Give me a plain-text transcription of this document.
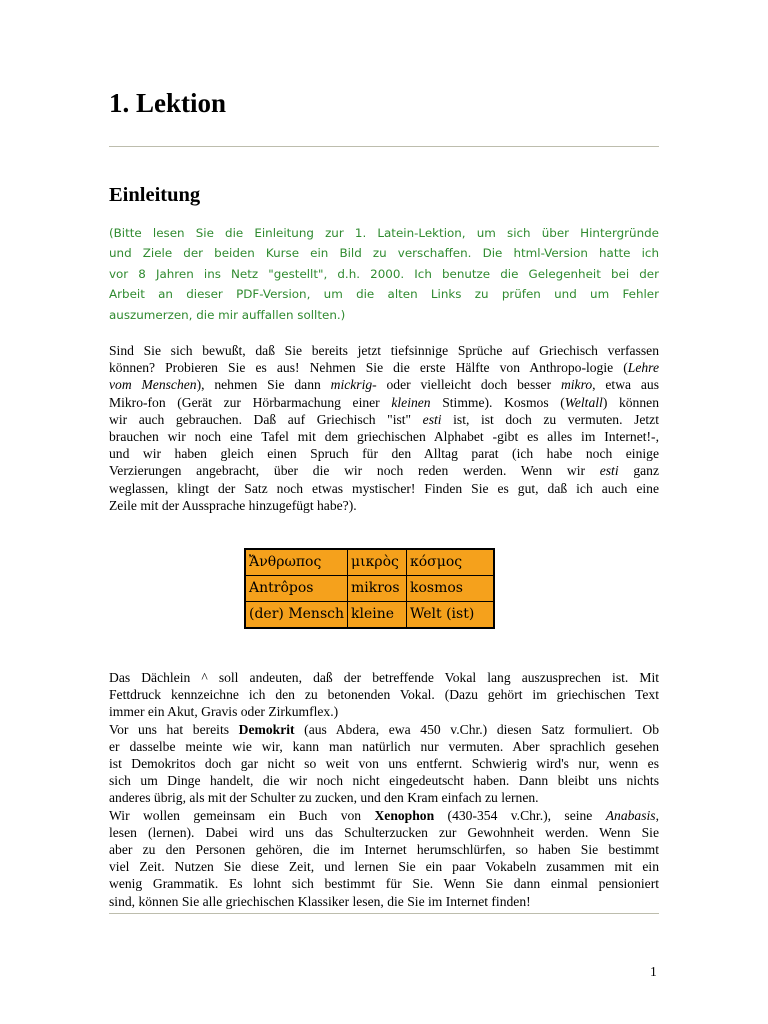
1. Lektion
Einleitung
(Bitte lesen Sie die Einleitung zur 1. Latein-Lektion, um sich über Hintergründe
und Ziele der beiden Kurse ein Bild zu verschaffen. Die html-Version hatte ich
vor 8 Jahren ins Netz "gestellt", d.h. 2000. Ich benutze die Gelegenheit bei der
Arbeit an dieser PDF-Version, um die alten Links zu prüfen und um Fehler
auszumerzen, die mir auffallen sollten.)
Sind Sie sich bewußt, daß Sie bereits jetzt tiefsinnige Sprüche auf Griechisch verfassen
können? Probieren Sie es aus! Nehmen Sie die erste Hälfte von Anthropo-logie (Lehre
vom Menschen), nehmen Sie dann mickrig- oder vielleicht doch besser mikro, etwa aus
Mikro-fon (Gerät zur Hörbarmachung einer kleinen Stimme). Kosmos (Weltall) können
wir auch gebrauchen. Daß auf Griechisch "ist" esti ist, ist doch zu vermuten. Jetzt
brauchen wir noch eine Tafel mit dem griechischen Alphabet -gibt es alles im Internet!-,
und wir haben gleich einen Spruch für den Alltag parat (ich habe noch einige
Verzierungen angebracht, über die wir noch reden werden. Wenn wir esti ganz
weglassen, klingt der Satz noch etwas mystischer! Finden Sie es gut, daß ich auch eine
Zeile mit der Aussprache hinzugefügt habe?).
Ἄνθρωπος	μικρὸς	κόσμος
Antrôpos	mikros	kosmos
(der) Mensch	kleine	Welt (ist)
Das Dächlein ^ soll andeuten, daß der betreffende Vokal lang auszusprechen ist. Mit
Fettdruck kennzeichne ich den zu betonenden Vokal. (Dazu gehört im griechischen Text
immer ein Akut, Gravis oder Zirkumflex.)
Vor uns hat bereits Demokrit (aus Abdera, ewa 450 v.Chr.) diesen Satz formuliert. Ob
er dasselbe meinte wie wir, kann man natürlich nur vermuten. Aber sprachlich gesehen
ist Demokritos doch gar nicht so weit von uns entfernt. Schwierig wird's nur, wenn es
sich um Dinge handelt, die wir noch nicht eingedeutscht haben. Dann bleibt uns nichts
anderes übrig, als mit der Schulter zu zucken, und den Kram einfach zu lernen.
Wir wollen gemeinsam ein Buch von Xenophon (430-354 v.Chr.), seine Anabasis,
lesen (lernen). Dabei wird uns das Schulterzucken zur Gewohnheit werden. Wenn Sie
aber zu den Personen gehören, die im Internet herumschlürfen, so haben Sie bestimmt
viel Zeit. Nutzen Sie diese Zeit, und lernen Sie ein paar Vokabeln zusammen mit ein
wenig Grammatik. Es lohnt sich bestimmt für Sie. Wenn Sie dann einmal pensioniert
sind, können Sie alle griechischen Klassiker lesen, die Sie im Internet finden!
1
